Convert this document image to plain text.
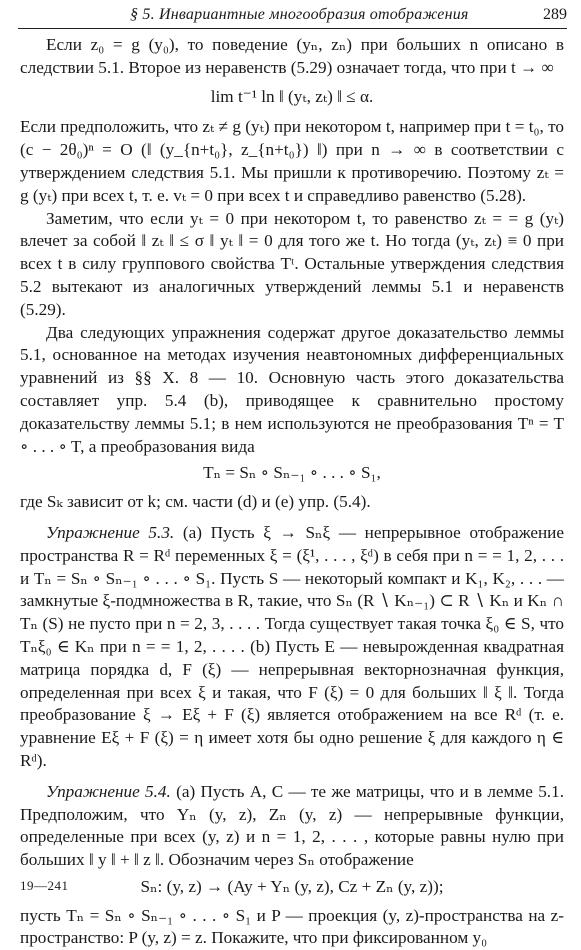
§ 5. Инвариантные многообразия отображения	289

Если z₀ = g (y₀), то поведение (yₙ, zₙ) при больших n описано в следствии 5.1. Второе из неравенств (5.29) означает тогда, что при t → ∞

lim t⁻¹ ln ‖ (yₜ, zₜ) ‖ ≤ α.

Если предположить, что zₜ ≠ g (yₜ) при некотором t, например при t = t₀, то (c − 2θ₀)ⁿ = O (‖ (y_{n+t₀}, z_{n+t₀}) ‖) при n → ∞ в соответствии с утверждением следствия 5.1. Мы пришли к противоречию. Поэтому zₜ = g (yₜ) при всех t, т. е. vₜ = 0 при всех t и справедливо равенство (5.28).

Заметим, что если yₜ = 0 при некотором t, то равенство zₜ = = g (yₜ) влечет за собой ‖ zₜ ‖ ≤ σ ‖ yₜ ‖ = 0 для того же t. Но тогда (yₜ, zₜ) ≡ 0 при всех t в силу группового свойства Tᵗ. Остальные утверждения следствия 5.2 вытекают из аналогичных утверждений леммы 5.1 и неравенств (5.29).

Два следующих упражнения содержат другое доказательство леммы 5.1, основанное на методах изучения неавтономных дифференциальных уравнений из §§ X. 8 — 10. Основную часть этого доказательства составляет упр. 5.4 (b), приводящее к сравнительно простому доказательству леммы 5.1; в нем используются не преобразования Tⁿ = T ∘ . . . ∘ T, а преобразования вида

Tₙ = Sₙ ∘ Sₙ₋₁ ∘ . . . ∘ S₁,

где Sₖ зависит от k; см. части (d) и (e) упр. (5.4).

Упражнение 5.3. (a) Пусть ξ → Sₙξ — непрерывное отображение пространства R = Rᵈ переменных ξ = (ξ¹, . . . , ξᵈ) в себя при n = = 1, 2, . . . и Tₙ = Sₙ ∘ Sₙ₋₁ ∘ . . . ∘ S₁. Пусть S — некоторый компакт и K₁, K₂, . . . — замкнутые ξ-подмножества в R, такие, что Sₙ (R ∖ Kₙ₋₁) ⊂ R ∖ Kₙ и Kₙ ∩ Tₙ (S) не пусто при n = 2, 3, . . . . Тогда существует такая точка ξ₀ ∈ S, что Tₙξ₀ ∈ Kₙ при n = = 1, 2, . . . . (b) Пусть E — невырожденная квадратная матрица порядка d, F (ξ) — непрерывная векторнозначная функция, определенная при всех ξ и такая, что F (ξ) = 0 для больших ‖ ξ ‖. Тогда преобразование ξ → Eξ + F (ξ) является отображением на все Rᵈ (т. е. уравнение Eξ + F (ξ) = η имеет хотя бы одно решение ξ для каждого η ∈ Rᵈ).

Упражнение 5.4. (a) Пусть A, C — те же матрицы, что и в лемме 5.1. Предположим, что Yₙ (y, z), Zₙ (y, z) — непрерывные функции, определенные при всех (y, z) и n = 1, 2, . . . , которые равны нулю при больших ‖ y ‖ + ‖ z ‖. Обозначим через Sₙ отображение

Sₙ: (y, z) → (Ay + Yₙ (y, z), Cz + Zₙ (y, z));

пусть Tₙ = Sₙ ∘ Sₙ₋₁ ∘ . . . ∘ S₁ и P — проекция (y, z)-пространства на z-пространство: P (y, z) = z. Покажите, что при фиксированном y₀

19—241
